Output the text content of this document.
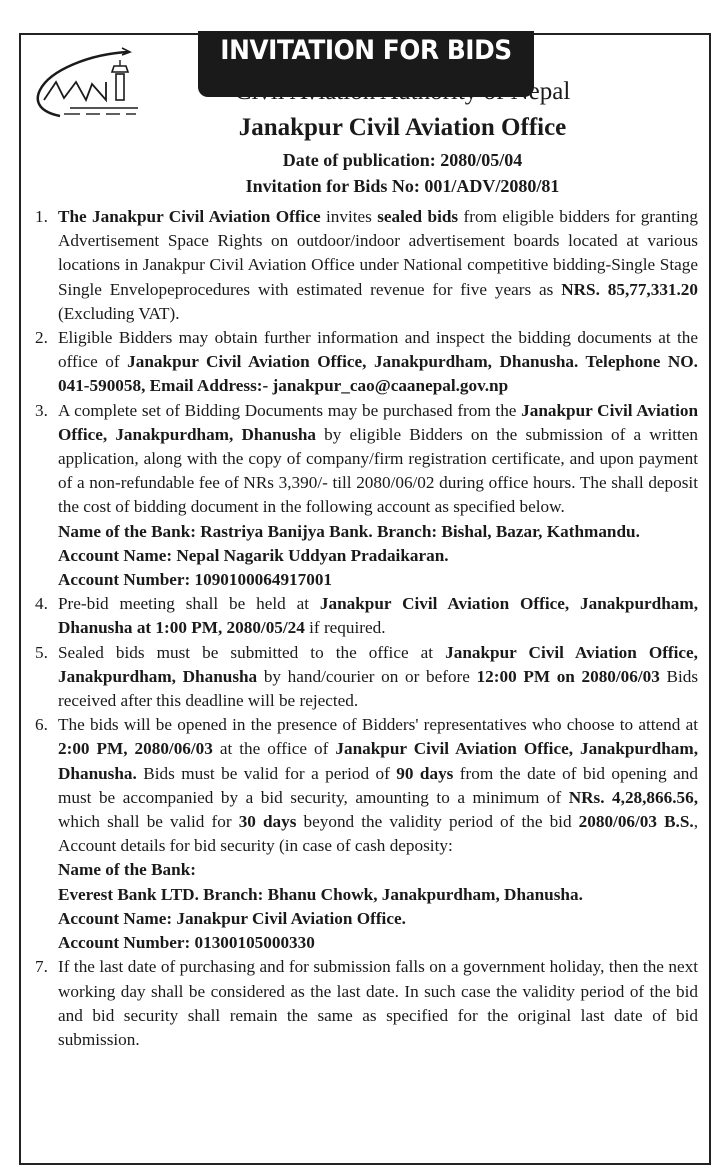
INVITATION FOR BIDS
Civil Aviation Authority of Nepal
Janakpur Civil Aviation Office
Date of publication: 2080/05/04
Invitation for Bids No: 001/ADV/2080/81
1. The Janakpur Civil Aviation Office invites sealed bids from eligible bidders for granting Advertisement Space Rights on outdoor/indoor advertisement boards located at various locations in Janakpur Civil Aviation Office under National competitive bidding-Single Stage Single Envelopeprocedures with estimated revenue for five years as NRS. 85,77,331.20 (Excluding VAT).
2. Eligible Bidders may obtain further information and inspect the bidding documents at the office of Janakpur Civil Aviation Office, Janakpurdham, Dhanusha. Telephone NO. 041-590058, Email Address:- janakpur_cao@caanepal.gov.np
3. A complete set of Bidding Documents may be purchased from the Janakpur Civil Aviation Office, Janakpurdham, Dhanusha by eligible Bidders on the submission of a written application, along with the copy of company/firm registration certificate, and upon payment of a non-refundable fee of NRs 3,390/- till 2080/06/02 during office hours. The shall deposit the cost of bidding document in the following account as specified below.
Name of the Bank: Rastriya Banijya Bank. Branch: Bishal, Bazar, Kathmandu.
Account Name: Nepal Nagarik Uddyan Pradaikaran.
Account Number: 1090100064917001
4. Pre-bid meeting shall be held at Janakpur Civil Aviation Office, Janakpurdham, Dhanusha at 1:00 PM, 2080/05/24 if required.
5. Sealed bids must be submitted to the office at Janakpur Civil Aviation Office, Janakpurdham, Dhanusha by hand/courier on or before 12:00 PM on 2080/06/03 Bids received after this deadline will be rejected.
6. The bids will be opened in the presence of Bidders' representatives who choose to attend at 2:00 PM, 2080/06/03 at the office of Janakpur Civil Aviation Office, Janakpurdham, Dhanusha. Bids must be valid for a period of 90 days from the date of bid opening and must be accompanied by a bid security, amounting to a minimum of NRs. 4,28,866.56, which shall be valid for 30 days beyond the validity period of the bid 2080/06/03 B.S., Account details for bid security (in case of cash deposity:
Name of the Bank:
Everest Bank LTD. Branch: Bhanu Chowk, Janakpurdham, Dhanusha.
Account Name: Janakpur Civil Aviation Office.
Account Number: 01300105000330
7. If the last date of purchasing and for submission falls on a government holiday, then the next working day shall be considered as the last date. In such case the validity period of the bid and bid security shall remain the same as specified for the original last date of bid submission.
